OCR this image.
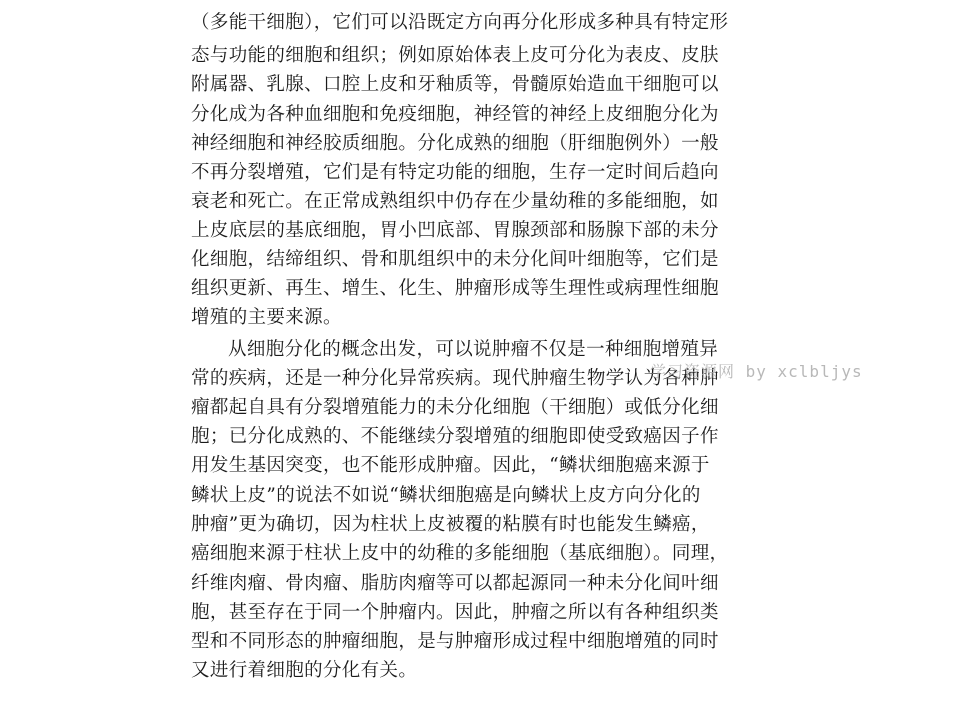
（多能干细胞），它们可以沿既定方向再分化形成多种具有特定形
态与功能的细胞和组织；例如原始体表上皮可分化为表皮、皮肤
附属器、乳腺、口腔上皮和牙釉质等，骨髓原始造血干细胞可以
分化成为各种血细胞和免疫细胞，神经管的神经上皮细胞分化为
神经细胞和神经胶质细胞。分化成熟的细胞（肝细胞例外）一般
不再分裂增殖，它们是有特定功能的细胞，生存一定时间后趋向
衰老和死亡。在正常成熟组织中仍存在少量幼稚的多能细胞，如
上皮底层的基底细胞，胃小凹底部、胃腺颈部和肠腺下部的未分
化细胞，结缔组织、骨和肌组织中的未分化间叶细胞等，它们是
组织更新、再生、增生、化生、肿瘤形成等生理性或病理性细胞
增殖的主要来源。
从细胞分化的概念出发，可以说肿瘤不仅是一种细胞增殖异
常的疾病，还是一种分化异常疾病。现代肿瘤生物学认为各种肿
瘤都起自具有分裂增殖能力的未分化细胞（干细胞）或低分化细
胞；已分化成熟的、不能继续分裂增殖的细胞即使受致癌因子作
用发生基因突变，也不能形成肿瘤。因此，“鳞状细胞癌来源于
鳞状上皮”的说法不如说“鳞状细胞癌是向鳞状上皮方向分化的
肿瘤”更为确切，因为柱状上皮被覆的粘膜有时也能发生鳞癌，
癌细胞来源于柱状上皮中的幼稚的多能细胞（基底细胞）。同理，
纤维肉瘤、骨肉瘤、脂肪肉瘤等可以都起源同一种未分化间叶细
胞，甚至存在于同一个肿瘤内。因此，肿瘤之所以有各种组织类
型和不同形态的肿瘤细胞，是与肿瘤形成过程中细胞增殖的同时
又进行着细胞的分化有关。
学习资源网 by xclbljys
